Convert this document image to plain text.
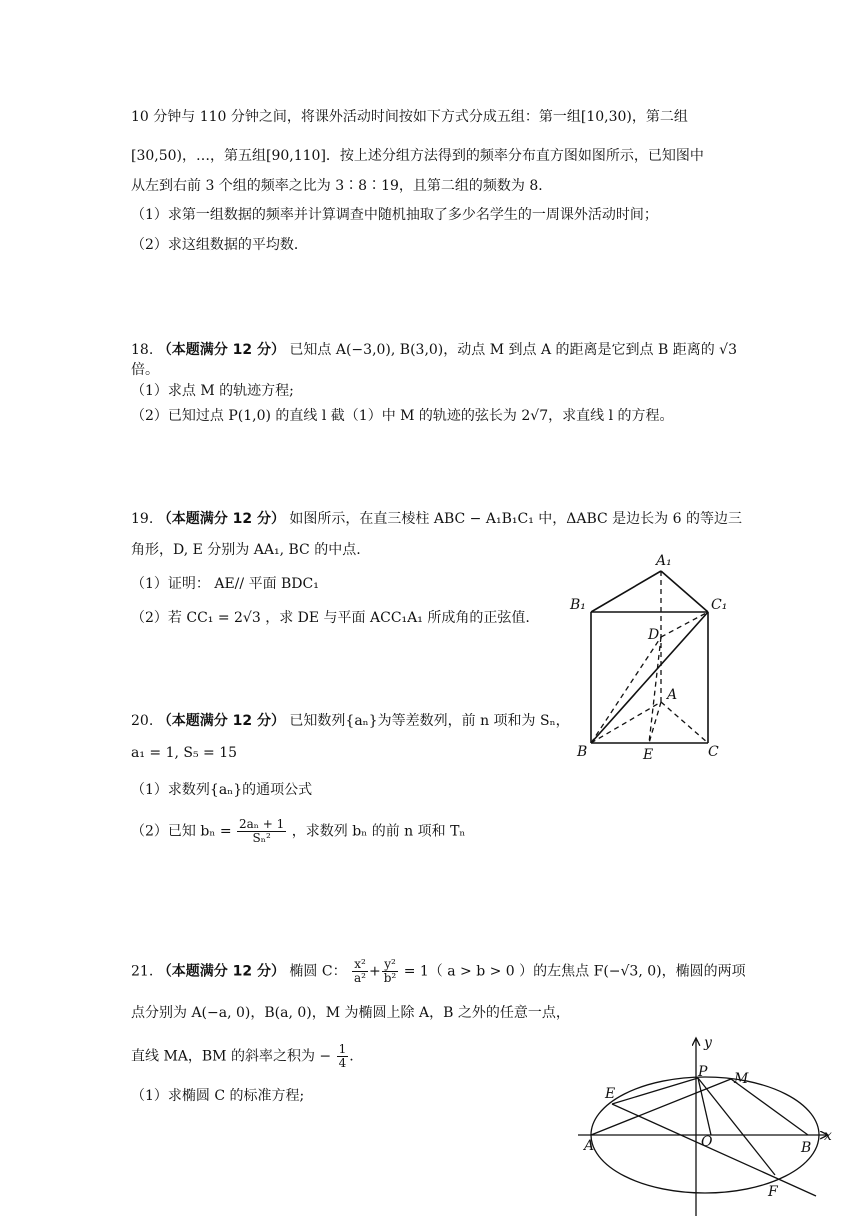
10 分钟与 110 分钟之间，将课外活动时间按如下方式分成五组：第一组[10,30)，第二组
[30,50)，…，第五组[90,110]．按上述分组方法得到的频率分布直方图如图所示，已知图中
从左到右前 3 个组的频率之比为 3∶8∶19，且第二组的频数为 8．
（1）求第一组数据的频率并计算调查中随机抽取了多少名学生的一周课外活动时间；
（2）求这组数据的平均数．
18. （本题满分 12 分） 已知点 A(−3,0), B(3,0)，动点 M 到点 A 的距离是它到点 B 距离的 √3
倍。
（1）求点 M 的轨迹方程;
（2）已知过点 P(1,0) 的直线 l 截（1）中 M 的轨迹的弦长为 2√7，求直线 l 的方程。
19. （本题满分 12 分） 如图所示，在直三棱柱 ABC − A₁B₁C₁ 中，ΔABC 是边长为 6 的等边三
角形，D, E 分别为 AA₁, BC 的中点.
（1）证明： AE// 平面 BDC₁
（2）若 CC₁ = 2√3 ，求 DE 与平面 ACC₁A₁ 所成角的正弦值.
A₁
B₁	C₁
D
A
B	E	C
20. （本题满分 12 分） 已知数列{aₙ}为等差数列，前 n 项和为 Sₙ，
a₁ = 1, S₅ = 15
（1）求数列{aₙ}的通项公式
（2）已知 $b_n = \frac{\text{2aₙ + 1}}{\text{Sₙ²}}$ ，求数列 bₙ 的前 n 项和 Tₙ
21. （本题满分 12 分） 椭圆 C： $\frac{\text{x²}}{\text{a²}} + \frac{\text{y²}}{\text{b²}} = 1$（ a > b > 0 ）的左焦点 F(−√3, 0)，椭圆的两项
点分别为 A(−a, 0)，B(a, 0)，M 为椭圆上除 A，B 之外的任意一点，
直线 MA，BM 的斜率之积为 − $\frac{1}{4}$ .
（1）求椭圆 C 的标准方程;
y
x
P M
E
A	O	B
F
